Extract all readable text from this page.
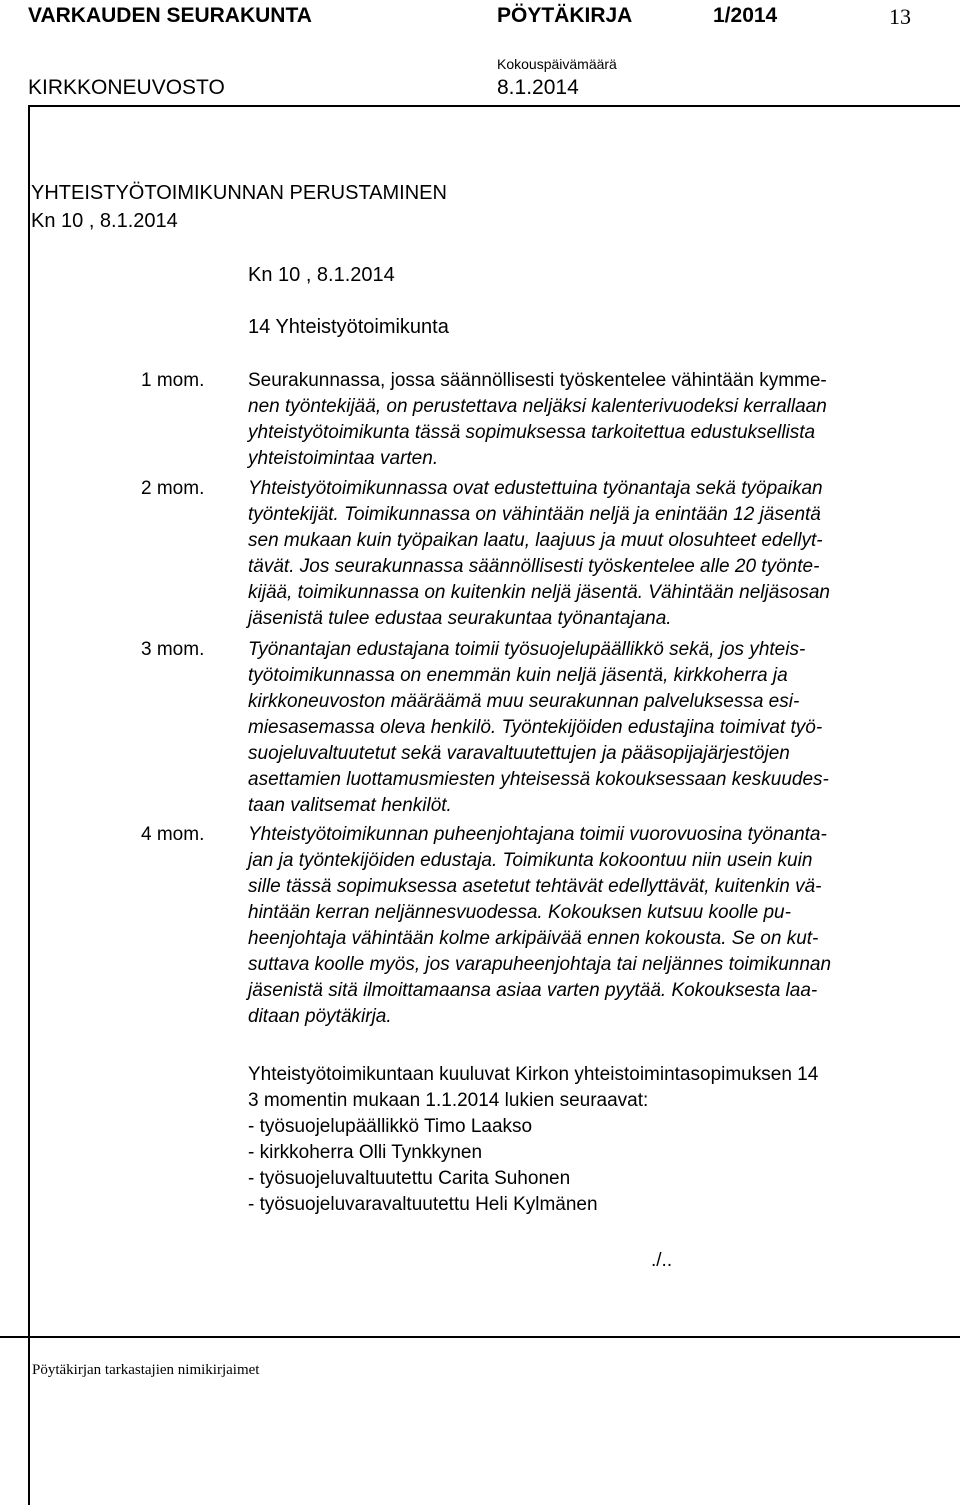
VARKAUDEN SEURAKUNTA	PÖYTÄKIRJA	1/2014	13
KIRKKONEUVOSTO
Kokouspäivämäärä
8.1.2014
YHTEISTYÖTOIMIKUNNAN PERUSTAMINEN
Kn 10 , 8.1.2014
Kn 10 , 8.1.2014
14 Yhteistyötoimikunta
1 mom. Seurakunnassa, jossa säännöllisesti työskentelee vähintään kymme-
nen työntekijää, on perustettava neljäksi kalenterivuodeksi kerrallaan
yhteistyötoimikunta tässä sopimuksessa tarkoitettua edustuksellista
yhteistoimintaa varten.
2 mom. Yhteistyötoimikunnassa ovat edustettuina työnantaja sekä työpaikan
työntekijät. Toimikunnassa on vähintään neljä ja enintään 12 jäsentä
sen mukaan kuin työpaikan laatu, laajuus ja muut olosuhteet edellyt-
tävät. Jos seurakunnassa säännöllisesti työskentelee alle 20 työnte-
kijää, toimikunnassa on kuitenkin neljä jäsentä. Vähintään neljäsosan
jäsenistä tulee edustaa seurakuntaa työnantajana.
3 mom. Työnantajan edustajana toimii työsuojelupäällikkö sekä, jos yhteis-
työtoimikunnassa on enemmän kuin neljä jäsentä, kirkkoherra ja
kirkkoneuvoston määräämä muu seurakunnan palveluksessa esi-
miesasemassa oleva henkilö. Työntekijöiden edustajina toimivat työ-
suojeluvaltuutetut sekä varavaltuutettujen ja pääsopijajärjestöjen
asettamien luottamusmiesten yhteisessä kokouksessaan keskuudes-
taan valitsemat henkilöt.
4 mom. Yhteistyötoimikunnan puheenjohtajana toimii vuorovuosina työnanta-
jan ja työntekijöiden edustaja. Toimikunta kokoontuu niin usein kuin
sille tässä sopimuksessa asetetut tehtävät edellyttävät, kuitenkin vä-
hintään kerran neljännesvuodessa. Kokouksen kutsuu koolle pu-
heenjohtaja vähintään kolme arkipäivää ennen kokousta. Se on kut-
suttava koolle myös, jos varapuheenjohtaja tai neljännes toimikunnan
jäsenistä sitä ilmoittamaansa asiaa varten pyytää. Kokouksesta laa-
ditaan pöytäkirja.
Yhteistyötoimikuntaan kuuluvat Kirkon yhteistoimintasopimuksen 14
3 momentin mukaan 1.1.2014 lukien seuraavat:
- työsuojelupäällikkö Timo Laakso
- kirkkoherra Olli Tynkkynen
- työsuojeluvaltuutettu Carita Suhonen
- työsuojeluvaravaltuutettu Heli Kylmänen
./..
Pöytäkirjan tarkastajien nimikirjaimet
